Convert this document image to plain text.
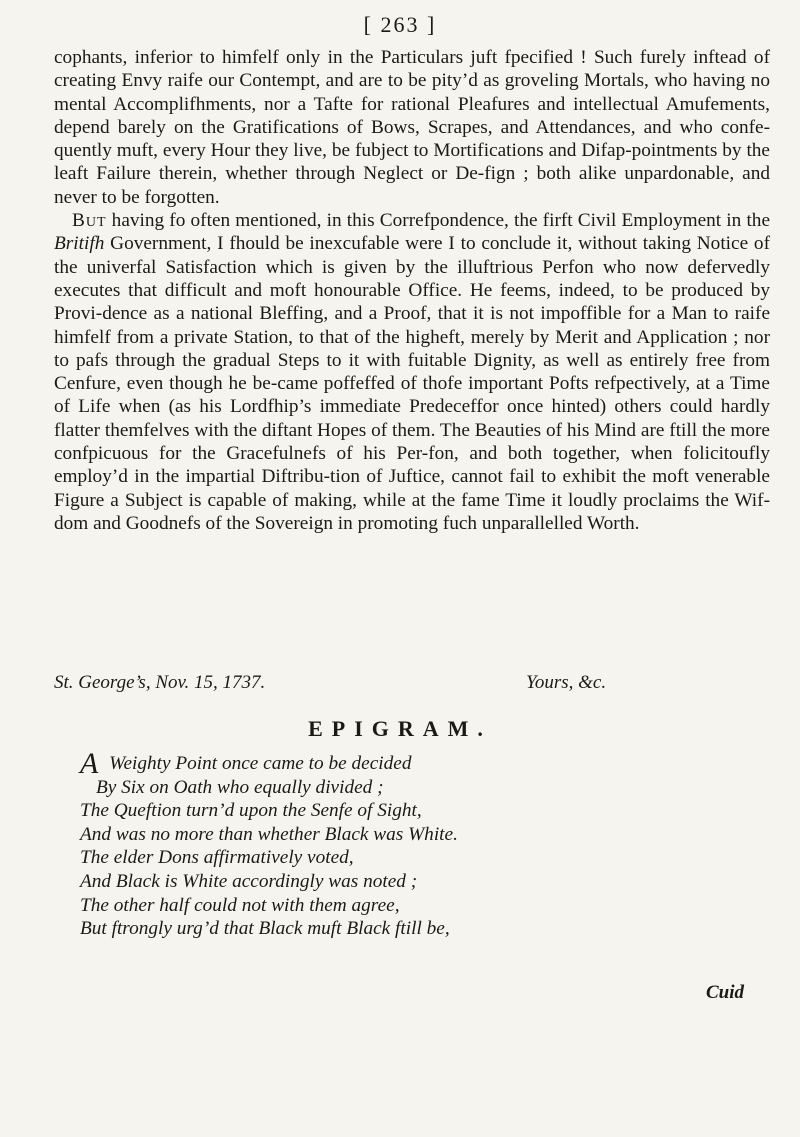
[ 263 ]

cophants, inferior to himfelf only in the Particulars juft fpecified ! Such furely inftead of creating Envy raife our Contempt, and are to be pity’d as groveling Mortals, who having no mental Accomplifhments, nor a Tafte for rational Pleafures and intellectual Amufements, depend barely on the Gratifications of Bows, Scrapes, and Attendances, and who confe-quently muft, every Hour they live, be fubject to Mortifications and Difap-pointments by the leaft Failure therein, whether through Neglect or De-fign ; both alike unpardonable, and never to be forgotten.

But having fo often mentioned, in this Correfpondence, the firft Civil Employment in the Britifh Government, I fhould be inexcufable were I to conclude it, without taking Notice of the univerfal Satisfaction which is given by the illuftrious Perfon who now defervedly executes that difficult and moft honourable Office. He feems, indeed, to be produced by Provi-dence as a national Bleffing, and a Proof, that it is not impoffible for a Man to raife himfelf from a private Station, to that of the higheft, merely by Merit and Application ; nor to pafs through the gradual Steps to it with fuitable Dignity, as well as entirely free from Cenfure, even though he be-came poffeffed of thofe important Pofts refpectively, at a Time of Life when (as his Lordfhip’s immediate Predeceffor once hinted) others could hardly flatter themfelves with the diftant Hopes of them. The Beauties of his Mind are ftill the more confpicuous for the Gracefulnefs of his Per-fon, and both together, when folicitoufly employ’d in the impartial Diftribu-tion of Juftice, cannot fail to exhibit the moft venerable Figure a Subject is capable of making, while at the fame Time it loudly proclaims the Wif-dom and Goodnefs of the Sovereign in promoting fuch unparallelled Worth.

St. George’s, Nov. 15, 1737.	Yours, &c.
EPIGRAM.
A Weighty Point once came to be decided
By Six on Oath who equally divided ;
The Queftion turn’d upon the Senfe of Sight,
And was no more than whether Black was White.
The elder Dons affirmatively voted,
And Black is White accordingly was noted ;
The other half could not with them agree,
But ftrongly urg’d that Black muft Black ftill be,
Cuid
